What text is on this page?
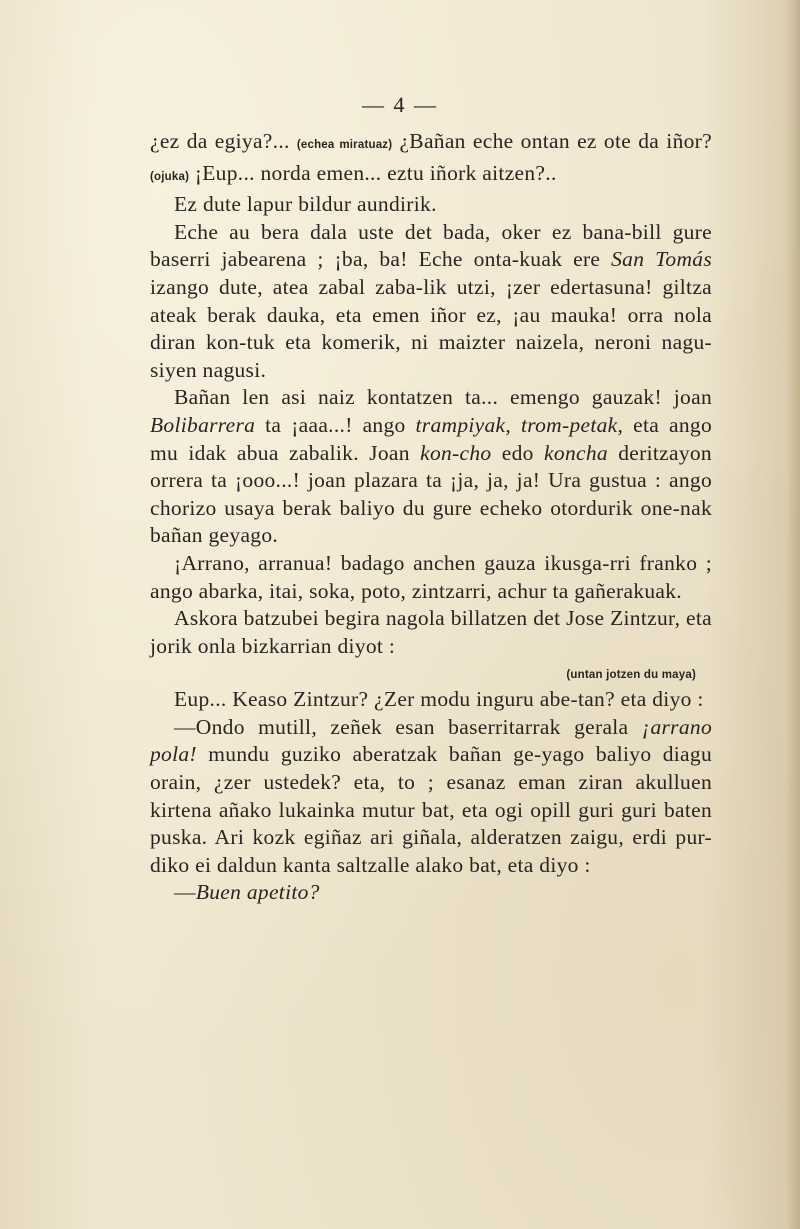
— 4 —

¿ez da egiya?... (echea miratuaz) ¿Bañan eche ontan ez ote da iñor? (ojuka) ¡Eup... norda emen... eztu iñork aitzen?..

Ez dute lapur bildur aundirik.

Eche au bera dala uste det bada, oker ez bana-bill gure baserri jabearena ; ¡ba, ba! Eche onta-kuak ere San Tomás izango dute, atea zabal zaba-lik utzi, ¡zer edertasuna! giltza ateak berak dauka, eta emen iñor ez, ¡au mauka! orra nola diran kon-tuk eta komerik, ni maizter naizela, neroni nagu-siyen nagusi.

Bañan len asi naiz kontatzen ta... emengo gauzak! joan Bolibarrera ta ¡aaa...! ango trampiyak, trom-petak, eta ango mu idak abua zabalik. Joan kon-cho edo koncha deritzayon orrera ta ¡ooo...! joan plazara ta ¡ja, ja, ja! Ura gustua : ango chorizo usaya berak baliyo du gure echeko otordurik one-nak bañan geyago.

¡Arrano, arranua! badago anchen gauza ikusga-rri franko ; ango abarka, itai, soka, poto, zintzarri, achur ta gañerakuak.

Askora batzubei begira nagola billatzen det Jose Zintzur, eta jorik onla bizkarrian diyot :

(untan jotzen du maya)

Eup... Keaso Zintzur? ¿Zer modu inguru abe-tan? eta diyo :

—Ondo mutill, zeñek esan baserritarrak gerala ¡arrano pola! mundu guziko aberatzak bañan ge-yago baliyo diagu orain, ¿zer ustedek? eta, to ; esanaz eman ziran akulluen kirtena añako lukainka mutur bat, eta ogi opill guri guri baten puska. Ari kozk egiñaz ari giñala, alderatzen zaigu, erdi pur-diko ei daldun kanta saltzalle alako bat, eta diyo :

—Buen apetito?
